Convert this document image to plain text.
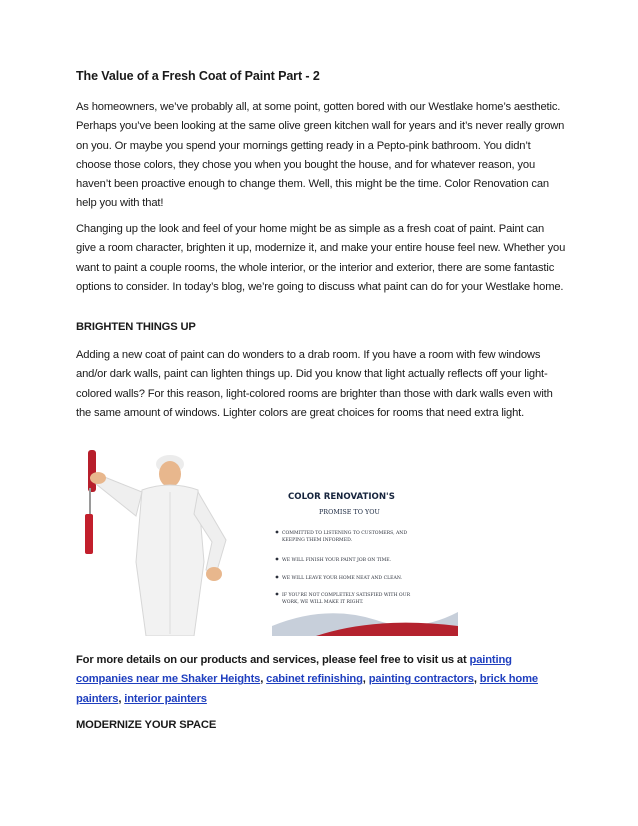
The Value of a Fresh Coat of Paint Part - 2

As homeowners, we’ve probably all, at some point, gotten bored with our Westlake home’s aesthetic. Perhaps you’ve been looking at the same olive green kitchen wall for years and it’s never really grown on you. Or maybe you spend your mornings getting ready in a Pepto-pink bathroom. You didn’t choose those colors, they chose you when you bought the house, and for whatever reason, you haven’t been proactive enough to change them. Well, this might be the time. Color Renovation can help you with that!

Changing up the look and feel of your home might be as simple as a fresh coat of paint. Paint can give a room character, brighten it up, modernize it, and make your entire house feel new. Whether you want to paint a couple rooms, the whole interior, or the interior and exterior, there are some fantastic options to consider. In today’s blog, we’re going to discuss what paint can do for your Westlake home.

BRIGHTEN THINGS UP

Adding a new coat of paint can do wonders to a drab room. If you have a room with few windows and/or dark walls, paint can lighten things up. Did you know that light actually reflects off your light-colored walls? For this reason, light-colored rooms are brighter than those with dark walls even with the same amount of windows. Lighter colors are great choices for rooms that need extra light.

COLOR RENOVATION'S
PROMISE TO YOU
COMMITTED TO LISTENING TO CUSTOMERS, AND
KEEPING THEM INFORMED.
WE WILL FINISH YOUR PAINT JOB ON TIME.
WE WILL LEAVE YOUR HOME NEAT AND CLEAN.
IF YOU'RE NOT COMPLETELY SATISFIED WITH OUR
WORK, WE WILL MAKE IT RIGHT.

For more details on our products and services, please feel free to visit us at painting companies near me Shaker Heights, cabinet refinishing, painting contractors, brick home painters, interior painters

MODERNIZE YOUR SPACE
